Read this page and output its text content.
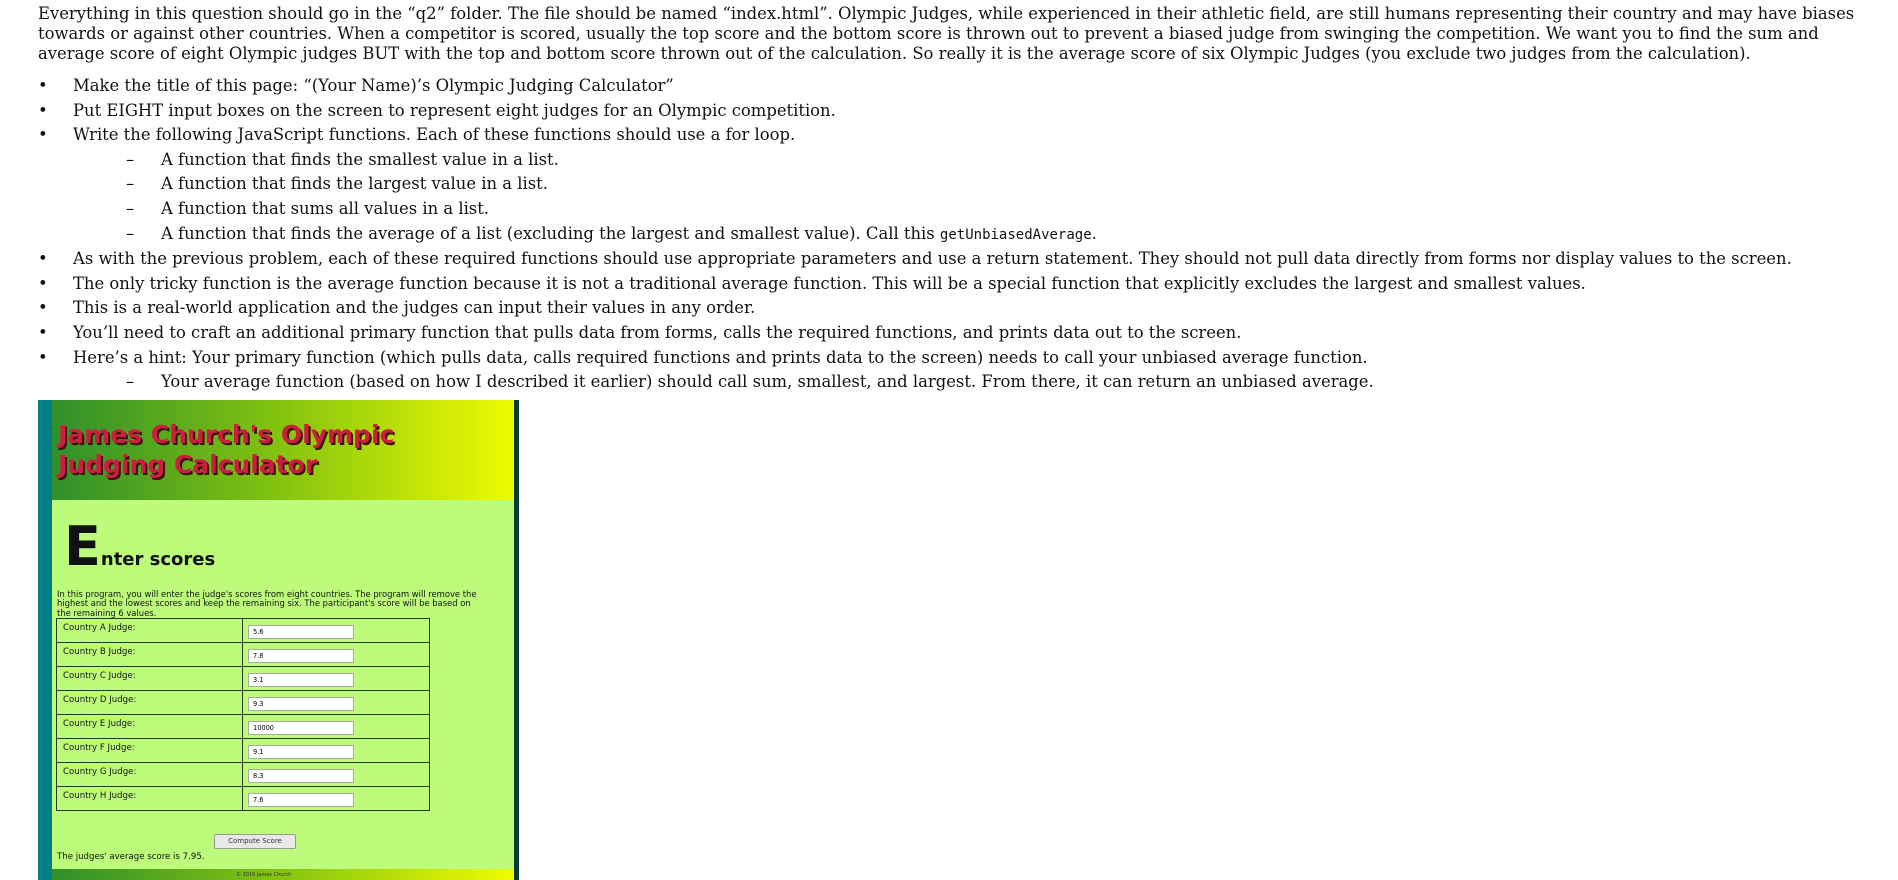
Everything in this question should go in the “q2” folder. The file should be named “index.html”. Olympic Judges, while experienced in their athletic field, are still humans representing their country and may have biases towards or against other countries. When a competitor is scored, usually the top score and the bottom score is thrown out to prevent a biased judge from swinging the competition. We want you to find the sum and average score of eight Olympic judges BUT with the top and bottom score thrown out of the calculation. So really it is the average score of six Olympic Judges (you exclude two judges from the calculation).

• Make the title of this page: “(Your Name)’s Olympic Judging Calculator”
• Put EIGHT input boxes on the screen to represent eight judges for an Olympic competition.
• Write the following JavaScript functions. Each of these functions should use a for loop.
– A function that finds the smallest value in a list.
– A function that finds the largest value in a list.
– A function that sums all values in a list.
– A function that finds the average of a list (excluding the largest and smallest value). Call this getUnbiasedAverage.
• As with the previous problem, each of these required functions should use appropriate parameters and use a return statement. They should not pull data directly from forms nor display values to the screen.
• The only tricky function is the average function because it is not a traditional average function. This will be a special function that explicitly excludes the largest and smallest values.
• This is a real-world application and the judges can input their values in any order.
• You’ll need to craft an additional primary function that pulls data from forms, calls the required functions, and prints data out to the screen.
• Here’s a hint: Your primary function (which pulls data, calls required functions and prints data to the screen) needs to call your unbiased average function.
– Your average function (based on how I described it earlier) should call sum, smallest, and largest. From there, it can return an unbiased average.
James Church's Olympic Judging Calculator
Enter scores
In this program, you will enter the judge's scores from eight countries. The program will remove the highest and the lowest scores and keep the remaining six. The participant's score will be based on the remaining 6 values.
Country A Judge:	5.6
Country B Judge:	7.8
Country C Judge:	3.1
Country D Judge:	9.3
Country E Judge:	10000
Country F Judge:	9.1
Country G Judge:	8.3
Country H Judge:	7.6
Compute Score
The judges' average score is 7.95.
© 2016 James Church
